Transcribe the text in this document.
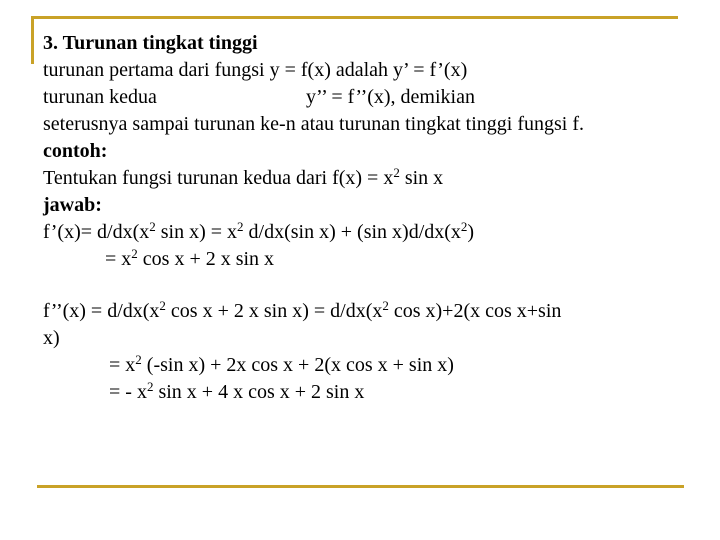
3. Turunan tingkat tinggi
turunan pertama dari fungsi y = f(x) adalah y’ = f’(x)
turunan kedua	y’’ = f’’(x), demikian
seterusnya sampai turunan ke-n atau turunan tingkat tinggi fungsi f.
contoh:
Tentukan fungsi turunan kedua dari $f(x) = x^2$ sin x
jawab:
f’(x)= $d/dx(x^2$ $\sin x) = x^2$ d/dx(sin x) + (sin $x)d/dx(x^2)$
= $x^2$ cos x + 2 x sin x
f’’(x) = $d/dx(x^2$ cos x + 2 x $\sin x) = d/dx(x^2$ cos x)+2(x cos x+sin
x)
= $x^2$ (-sin x) + 2x cos x + 2(x cos x + sin x)
= - $x^2$ sin x + 4 x cos x + 2 sin x
